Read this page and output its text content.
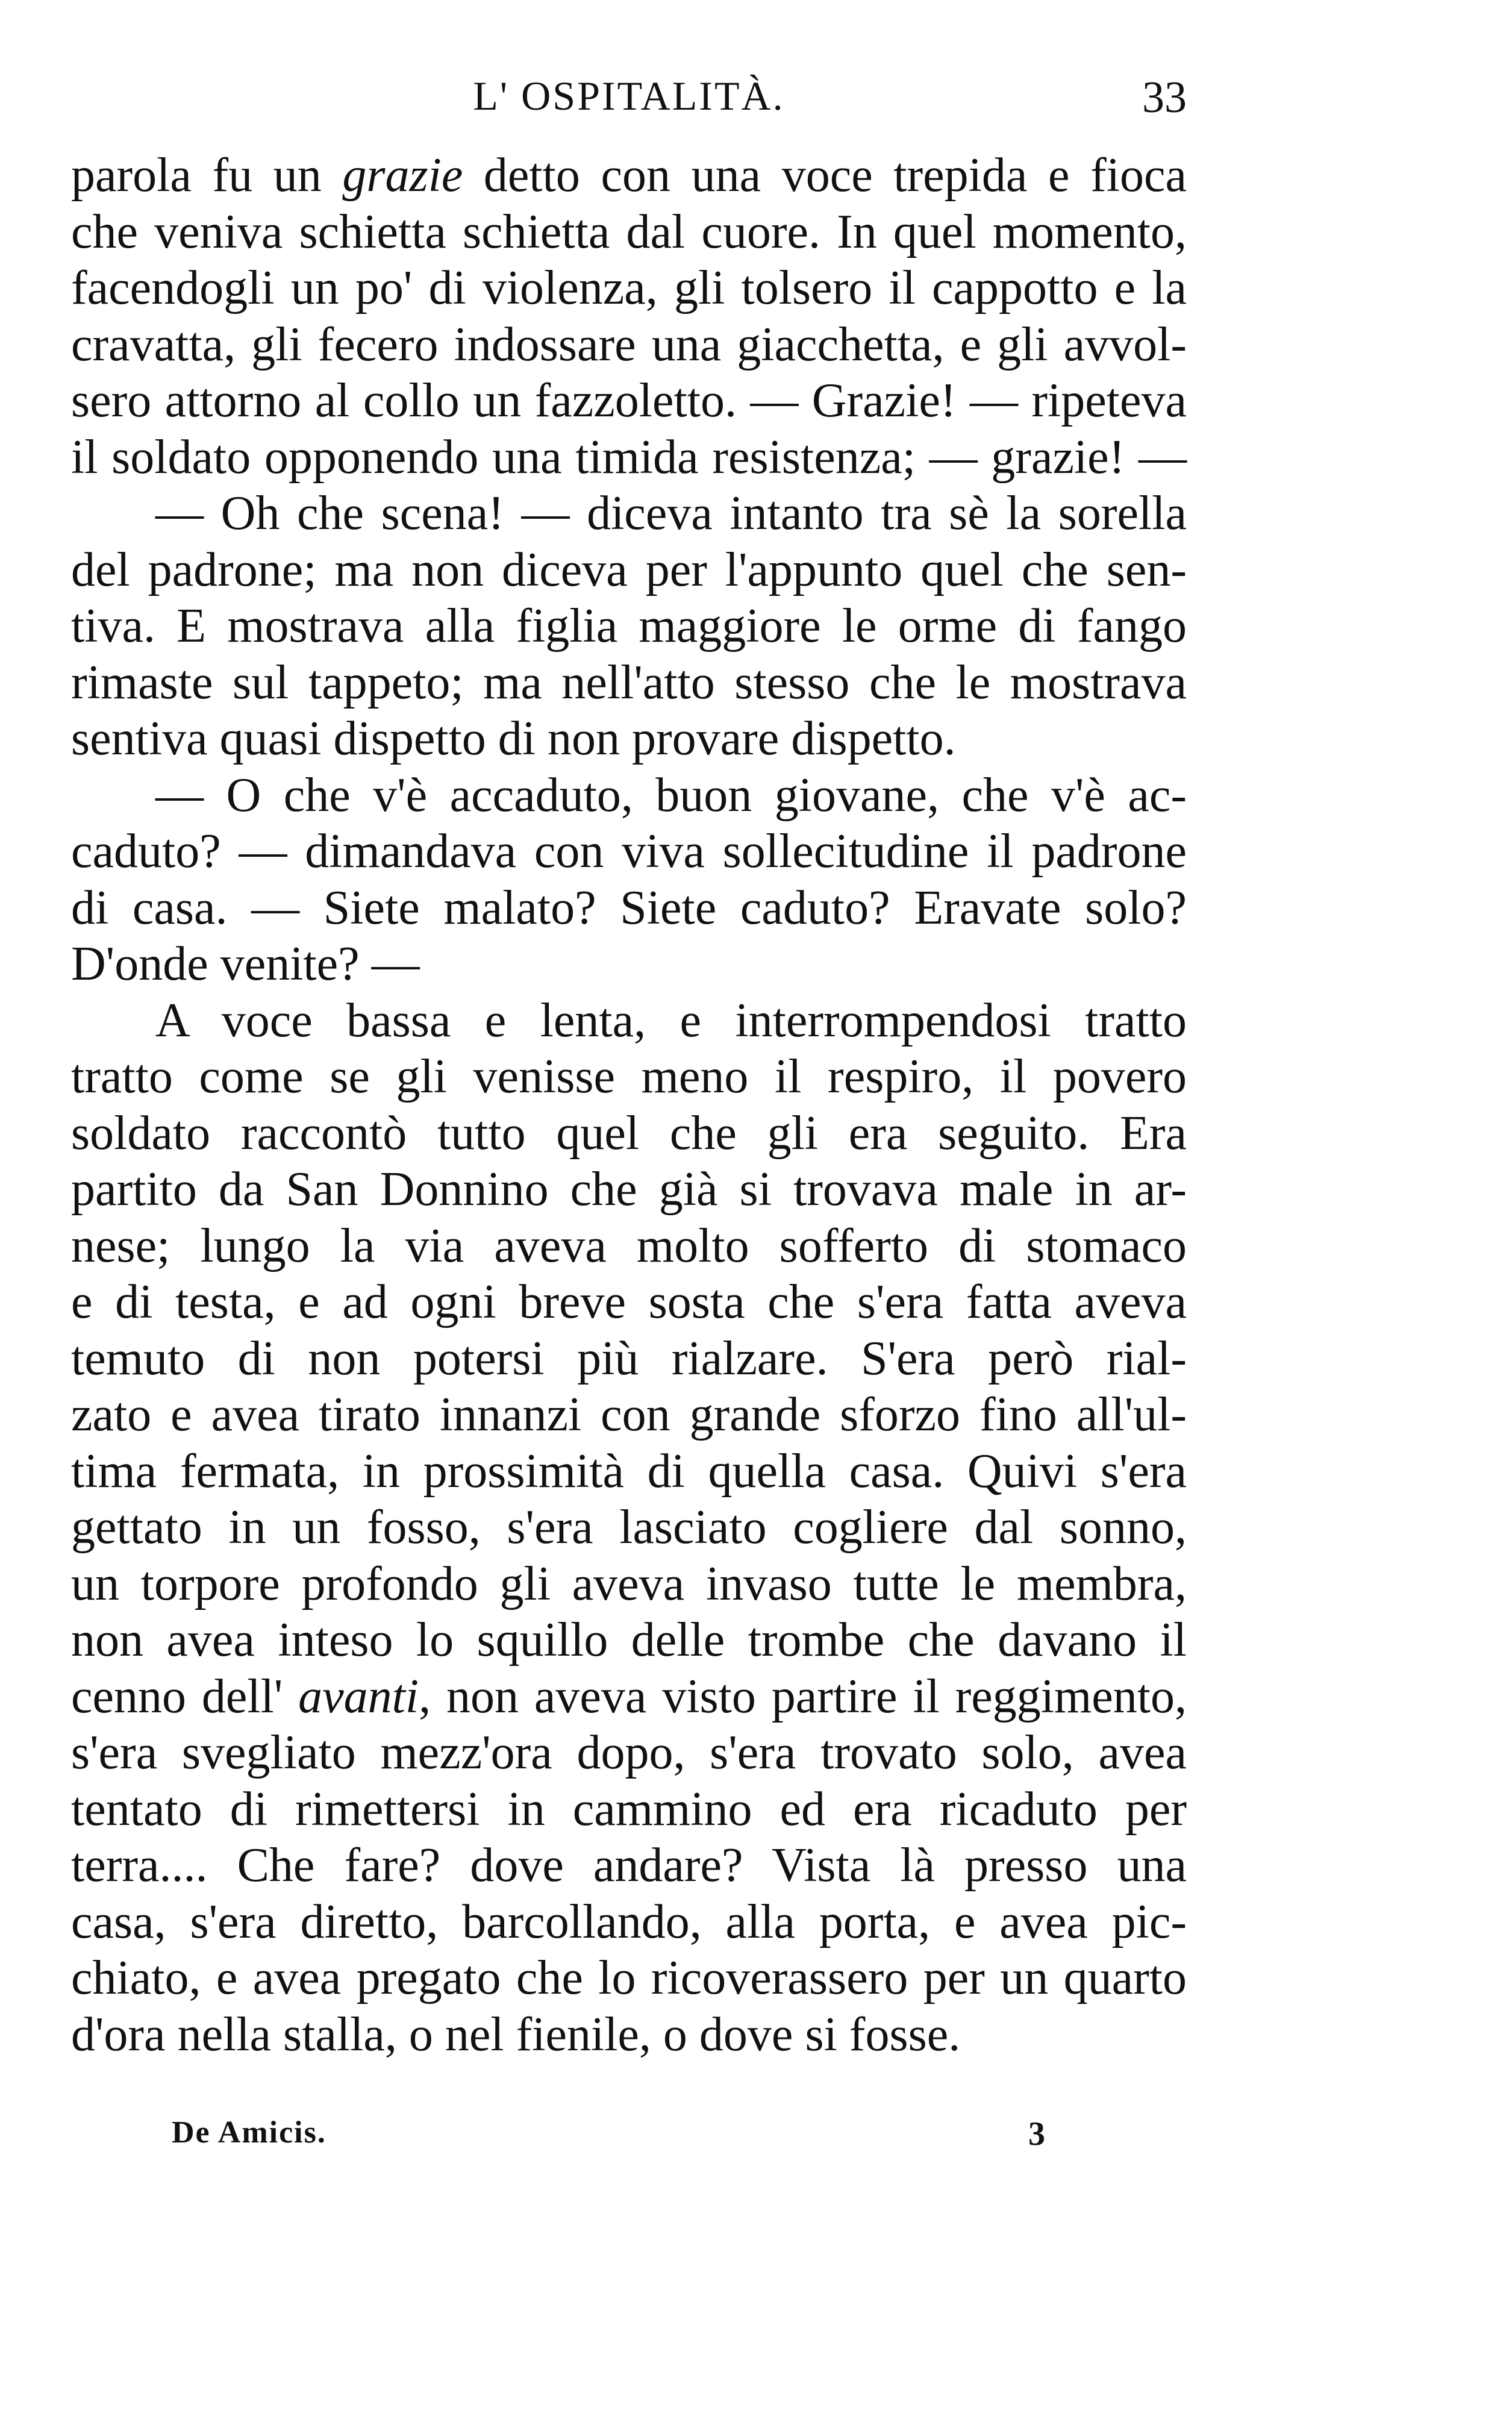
L' OSPITALITÀ.	33
parola fu un grazie detto con una voce trepida e fioca
che veniva schietta schietta dal cuore. In quel momento,
facendogli un po' di violenza, gli tolsero il cappotto e la
cravatta, gli fecero indossare una giacchetta, e gli avvol-
sero attorno al collo un fazzoletto. — Grazie! — ripeteva
il soldato opponendo una timida resistenza; — grazie! —
— Oh che scena! — diceva intanto tra sè la sorella
del padrone; ma non diceva per l'appunto quel che sen-
tiva. E mostrava alla figlia maggiore le orme di fango
rimaste sul tappeto; ma nell'atto stesso che le mostrava
sentiva quasi dispetto di non provare dispetto.
— O che v'è accaduto, buon giovane, che v'è ac-
caduto? — dimandava con viva sollecitudine il padrone
di casa. — Siete malato? Siete caduto? Eravate solo?
D'onde venite? —
A voce bassa e lenta, e interrompendosi tratto
tratto come se gli venisse meno il respiro, il povero
soldato raccontò tutto quel che gli era seguito. Era
partito da San Donnino che già si trovava male in ar-
nese; lungo la via aveva molto sofferto di stomaco
e di testa, e ad ogni breve sosta che s'era fatta aveva
temuto di non potersi più rialzare. S'era però rial-
zato e avea tirato innanzi con grande sforzo fino all'ul-
tima fermata, in prossimità di quella casa. Quivi s'era
gettato in un fosso, s'era lasciato cogliere dal sonno,
un torpore profondo gli aveva invaso tutte le membra,
non avea inteso lo squillo delle trombe che davano il
cenno dell' avanti, non aveva visto partire il reggimento,
s'era svegliato mezz'ora dopo, s'era trovato solo, avea
tentato di rimettersi in cammino ed era ricaduto per
terra.... Che fare? dove andare? Vista là presso una
casa, s'era diretto, barcollando, alla porta, e avea pic-
chiato, e avea pregato che lo ricoverassero per un quarto
d'ora nella stalla, o nel fienile, o dove si fosse.
De Amicis.	3
